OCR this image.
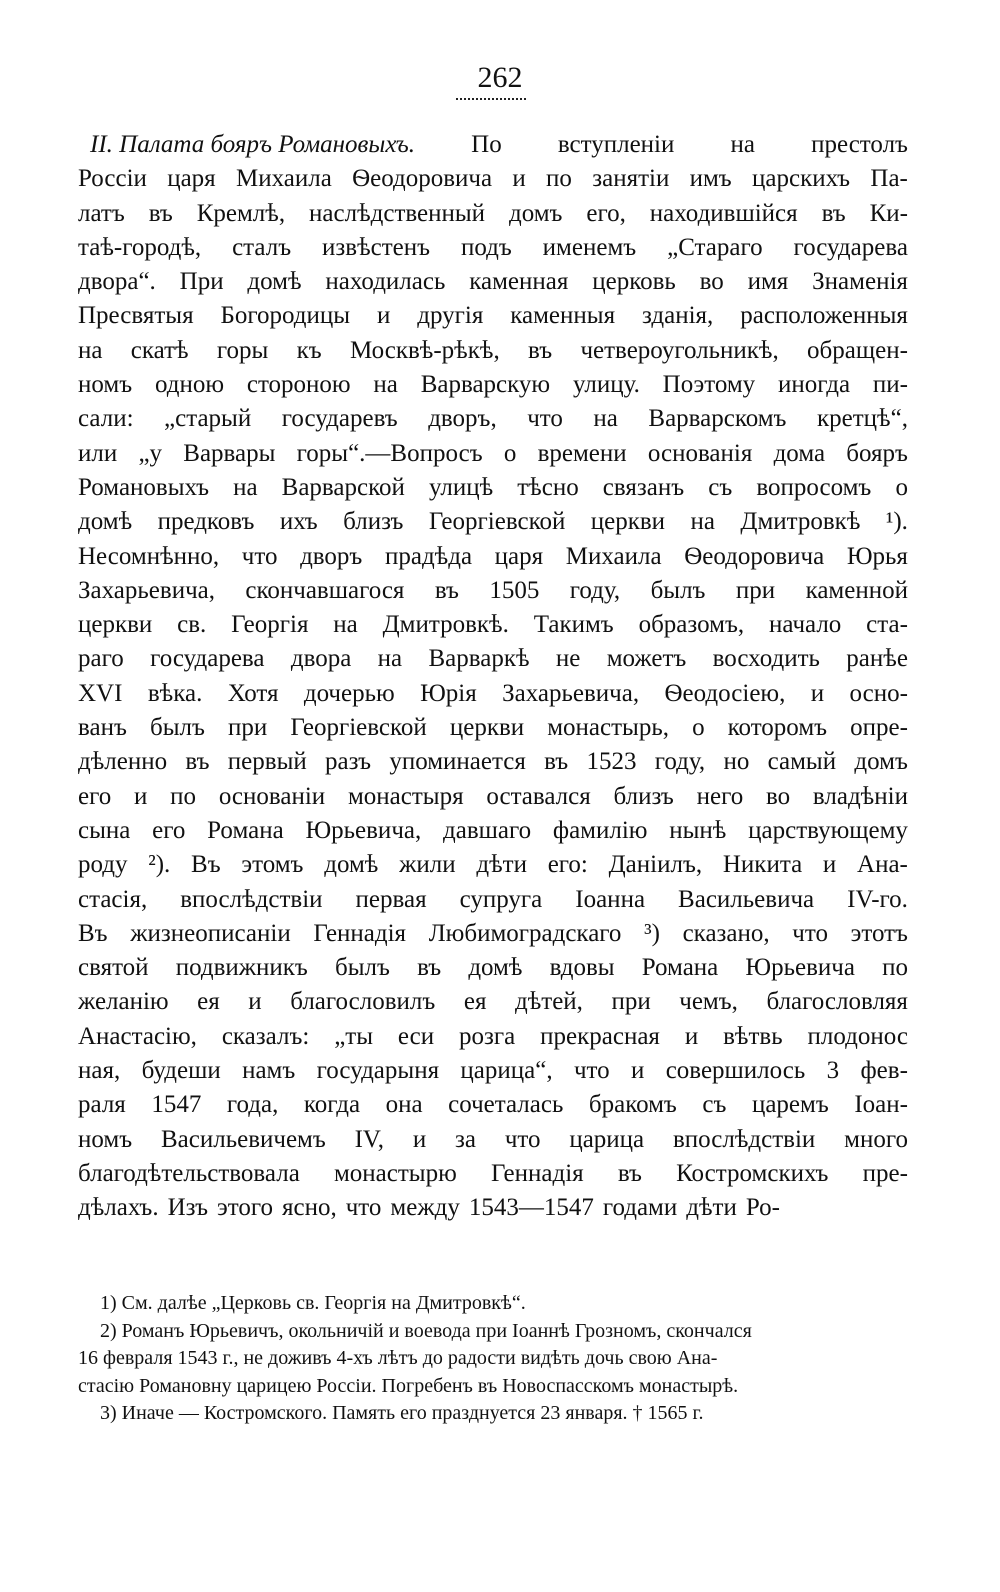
262
II. Палата бояръ Романовыхъ. По вступленіи на престолъ
Россіи царя Михаила Ѳеодоровича и по занятіи имъ царскихъ Па-
латъ въ Кремлѣ, наслѣдственный домъ его, находившійся въ Ки-
таѣ-городѣ, сталъ извѣстенъ подъ именемъ „Стараго государева
двора“. При домѣ находилась каменная церковь во имя Знаменія
Пресвятыя Богородицы и другія каменныя зданія, расположенныя
на скатѣ горы къ Москвѣ-рѣкѣ, въ четвероугольникѣ, обращен-
номъ одною стороною на Варварскую улицу. Поэтому иногда пи-
сали: „старый государевъ дворъ, что на Варварскомъ кретцѣ“,
или „у Варвары горы“.—Вопросъ о времени основанія дома бояръ
Романовыхъ на Варварской улицѣ тѣсно связанъ съ вопросомъ о
домѣ предковъ ихъ близъ Георгіевской церкви на Дмитровкѣ ¹).
Несомнѣнно, что дворъ прадѣда царя Михаила Ѳеодоровича Юрья
Захарьевича, скончавшагося въ 1505 году, былъ при каменной
церкви св. Георгія на Дмитровкѣ. Такимъ образомъ, начало ста-
раго государева двора на Варваркѣ не можетъ восходить ранѣе
XVI вѣка. Хотя дочерью Юрія Захарьевича, Ѳеодосіею, и осно-
ванъ былъ при Георгіевской церкви монастырь, о которомъ опре-
дѣленно въ первый разъ упоминается въ 1523 году, но самый домъ
его и по основаніи монастыря оставался близъ него во владѣніи
сына его Романа Юрьевича, давшаго фамилію нынѣ царствующему
роду ²). Въ этомъ домѣ жили дѣти его: Даніилъ, Никита и Ана-
стасія, впослѣдствіи первая супруга Іоанна Васильевича IV-го.
Въ жизнеописаніи Геннадія Любимоградскаго ³) сказано, что этотъ
святой подвижникъ былъ въ домѣ вдовы Романа Юрьевича по
желанію ея и благословилъ ея дѣтей, при чемъ, благословляя
Анастасію, сказалъ: „ты еси розга прекрасная и вѣтвь плодонос
ная, будеши намъ государыня царица“, что и совершилось 3 фев-
раля 1547 года, когда она сочеталась бракомъ съ царемъ Іоан-
номъ Васильевичемъ IV, и за что царица впослѣдствіи много
благодѣтельствовала монастырю Геннадія въ Костромскихъ пре-
дѣлахъ. Изъ этого ясно, что между 1543—1547 годами дѣти Ро-
1) См. далѣе „Церковь св. Георгія на Дмитровкѣ“.
2) Романъ Юрьевичъ, окольничій и воевода при Іоаннѣ Грозномъ, скончался
16 февраля 1543 г., не доживъ 4-хъ лѣтъ до радости видѣть дочь свою Ана-
стасію Романовну царицею Россіи. Погребенъ въ Новоспасскомъ монастырѣ.
3) Иначе — Костромского. Память его празднуется 23 января. † 1565 г.
